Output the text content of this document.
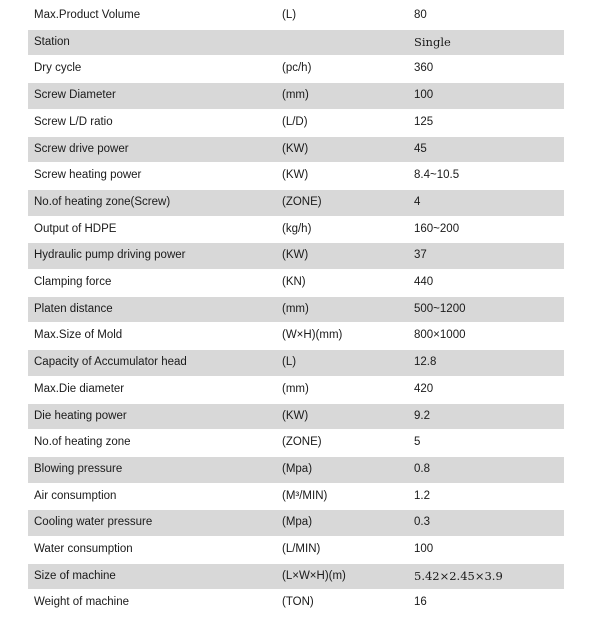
Max.Product Volume	(L)	80
Station		Single
Dry cycle	(pc/h)	360
Screw Diameter	(mm)	100
Screw L/D ratio	(L/D)	125
Screw drive power	(KW)	45
Screw heating power	(KW)	8.4~10.5
No.of heating zone(Screw)	(ZONE)	4
Output of HDPE	(kg/h)	160~200
Hydraulic pump driving power	(KW)	37
Clamping force	(KN)	440
Platen distance	(mm)	500~1200
Max.Size of Mold	(W×H)(mm)	800×1000
Capacity of Accumulator head	(L)	12.8
Max.Die diameter	(mm)	420
Die heating power	(KW)	9.2
No.of heating zone	(ZONE)	5
Blowing pressure	(Mpa)	0.8
Air consumption	(M³/MIN)	1.2
Cooling water pressure	(Mpa)	0.3
Water consumption	(L/MIN)	100
Size of machine	(L×W×H)(m)	5.42×2.45×3.9
Weight of machine	(TON)	16
